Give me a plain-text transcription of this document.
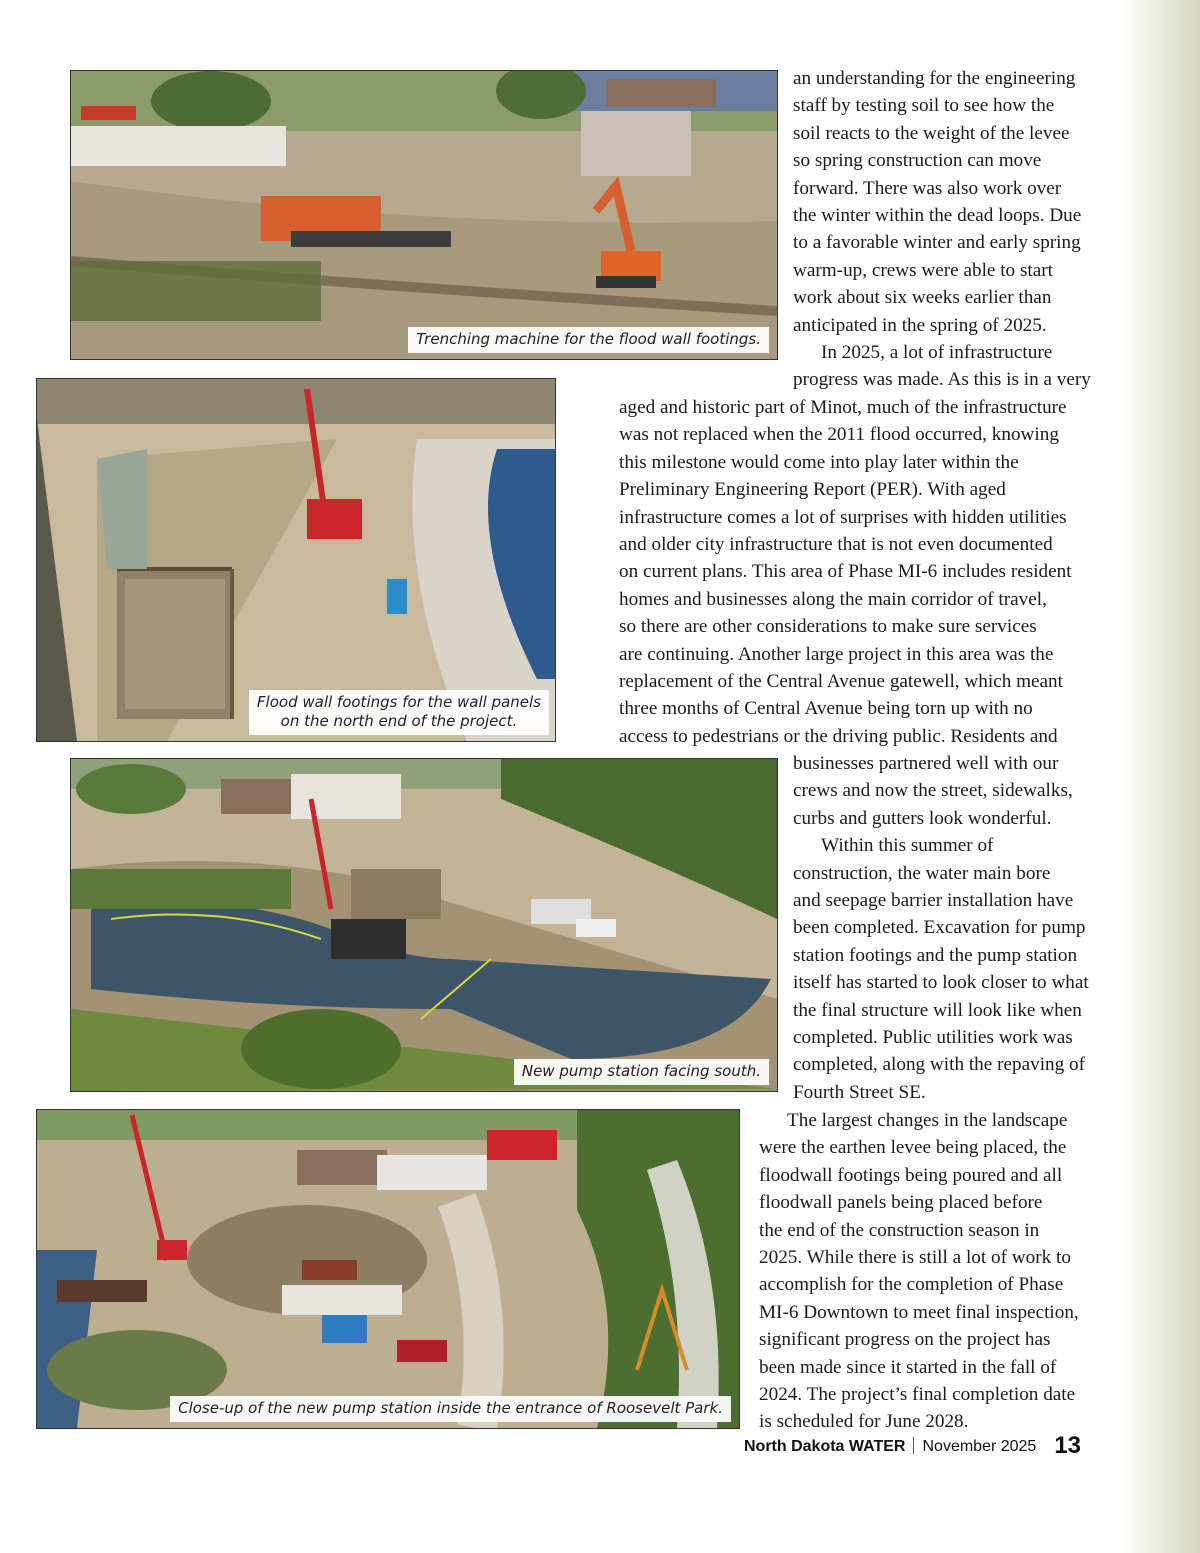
Trenching machine for the flood wall footings.
Flood wall footings for the wall panels
on the north end of the project.
New pump station facing south.
Close-up of the new pump station inside the entrance of Roosevelt Park.
an understanding for the engineering
staff by testing soil to see how the
soil reacts to the weight of the levee
so spring construction can move
forward. There was also work over
the winter within the dead loops. Due
to a favorable winter and early spring
warm-up, crews were able to start
work about six weeks earlier than
anticipated in the spring of 2025.
In 2025, a lot of infrastructure
progress was made. As this is in a very
aged and historic part of Minot, much of the infrastructure
was not replaced when the 2011 flood occurred, knowing
this milestone would come into play later within the
Preliminary Engineering Report (PER). With aged
infrastructure comes a lot of surprises with hidden utilities
and older city infrastructure that is not even documented
on current plans. This area of Phase MI-6 includes resident
homes and businesses along the main corridor of travel,
so there are other considerations to make sure services
are continuing. Another large project in this area was the
replacement of the Central Avenue gatewell, which meant
three months of Central Avenue being torn up with no
access to pedestrians or the driving public. Residents and
businesses partnered well with our
crews and now the street, sidewalks,
curbs and gutters look wonderful.
Within this summer of
construction, the water main bore
and seepage barrier installation have
been completed. Excavation for pump
station footings and the pump station
itself has started to look closer to what
the final structure will look like when
completed. Public utilities work was
completed, along with the repaving of
Fourth Street SE.
The largest changes in the landscape
were the earthen levee being placed, the
floodwall footings being poured and all
floodwall panels being placed before
the end of the construction season in
2025. While there is still a lot of work to
accomplish for the completion of Phase
MI-6 Downtown to meet final inspection,
significant progress on the project has
been made since it started in the fall of
2024. The project’s final completion date
is scheduled for June 2028.
North Dakota WATER November 2025 13
